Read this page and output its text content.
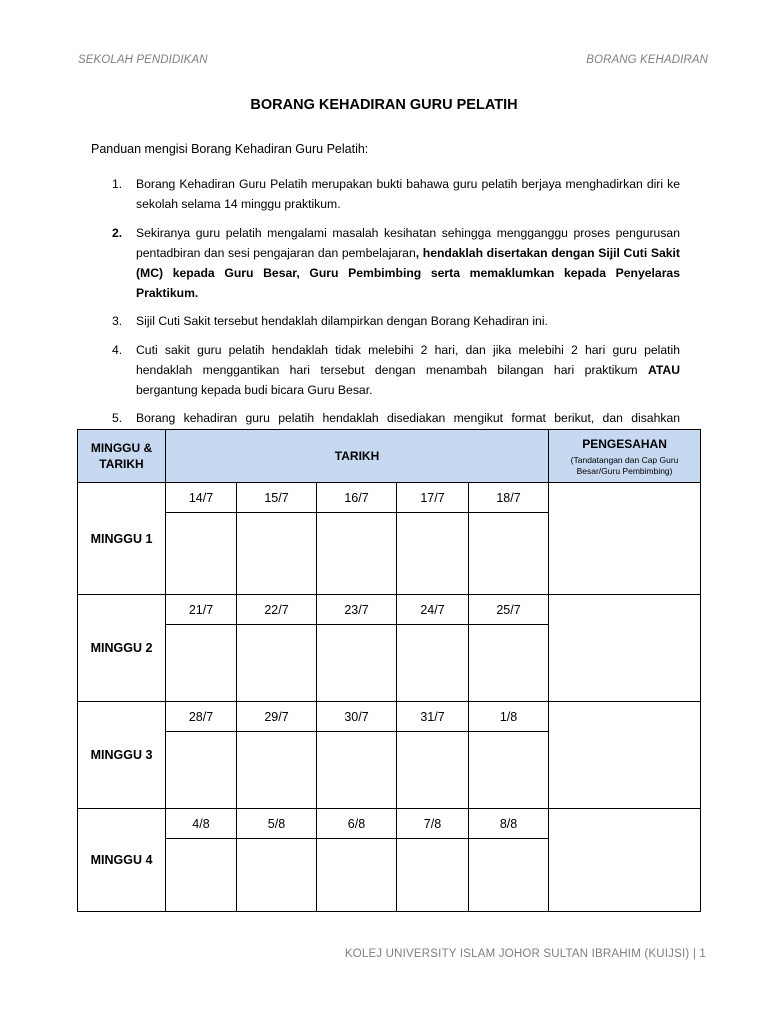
SEKOLAH PENDIDIKAN	BORANG KEHADIRAN
BORANG KEHADIRAN GURU PELATIH
Panduan mengisi Borang Kehadiran Guru Pelatih:
1. Borang Kehadiran Guru Pelatih merupakan bukti bahawa guru pelatih berjaya menghadirkan diri ke sekolah selama 14 minggu praktikum.
2. Sekiranya guru pelatih mengalami masalah kesihatan sehingga mengganggu proses pengurusan pentadbiran dan sesi pengajaran dan pembelajaran, hendaklah disertakan dengan Sijil Cuti Sakit (MC) kepada Guru Besar, Guru Pembimbing serta memaklumkan kepada Penyelaras Praktikum.
3. Sijil Cuti Sakit tersebut hendaklah dilampirkan dengan Borang Kehadiran ini.
4. Cuti sakit guru pelatih hendaklah tidak melebihi 2 hari, dan jika melebihi 2 hari guru pelatih hendaklah menggantikan hari tersebut dengan menambah bilangan hari praktikum ATAU bergantung kepada budi bicara Guru Besar.
5. Borang kehadiran guru pelatih hendaklah disediakan mengikut format berikut, dan disahkan
MINGGU & TARIKH	TARIKH					PENGESAHAN
(Tandatangan dan Cap Guru Besar/Guru Pembimbing)

MINGGU 1	14/7	15/7	16/7	17/7	18/7	

MINGGU 2	21/7	22/7	23/7	24/7	25/7	

MINGGU 3	28/7	29/7	30/7	31/7	1/8	

MINGGU 4	4/8	5/8	6/8	7/8	8/8	

KOLEJ UNIVERSITY ISLAM JOHOR SULTAN IBRAHIM (KUIJSI) | 1
